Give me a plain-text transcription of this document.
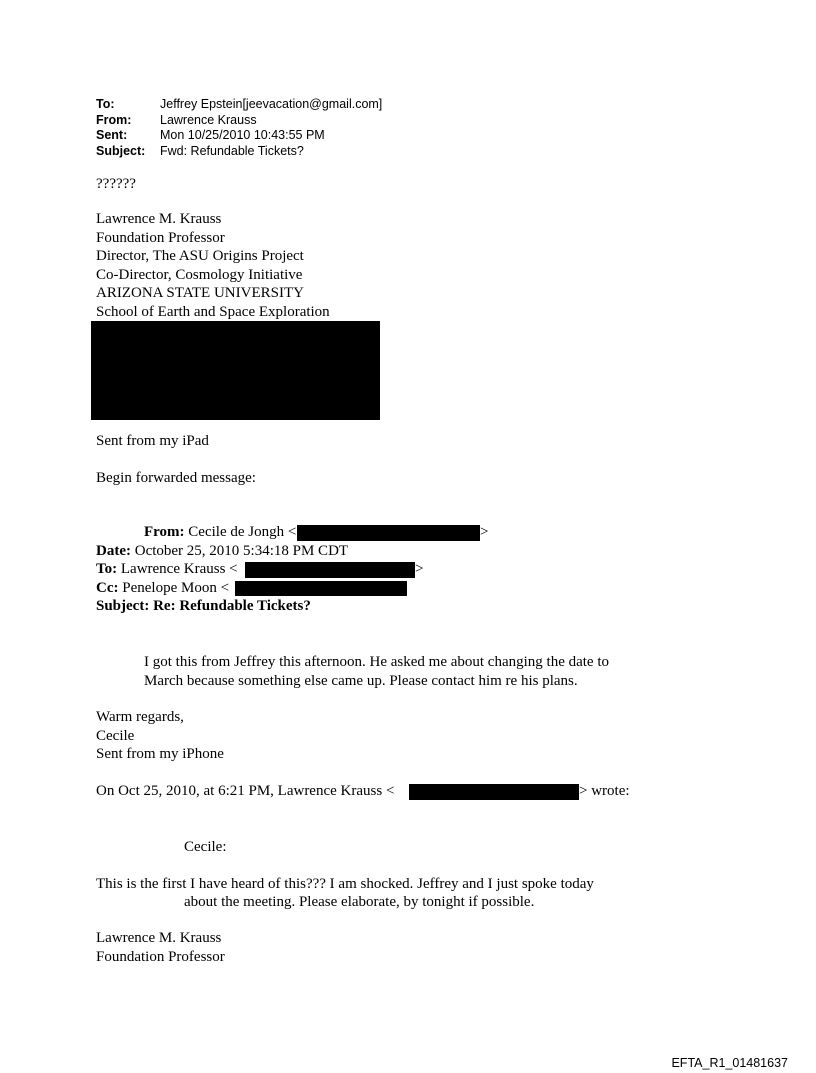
To:	Jeffrey Epstein[jeevacation@gmail.com]
From:	Lawrence Krauss
Sent:	Mon 10/25/2010 10:43:55 PM
Subject:	Fwd: Refundable Tickets?
??????
Lawrence M. Krauss
Foundation Professor
Director, The ASU Origins Project
Co-Director, Cosmology Initiative
ARIZONA STATE UNIVERSITY
School of Earth and Space Exploration
Sent from my iPad
Begin forwarded message:
From: Cecile de Jongh <	>
Date: October 25, 2010 5:34:18 PM CDT
To: Lawrence Krauss <	>
Cc: Penelope Moon <
Subject: Re: Refundable Tickets?
I got this from Jeffrey this afternoon. He asked me about changing the date to
March because something else came up. Please contact him re his plans.
Warm regards,
Cecile
Sent from my iPhone
On Oct 25, 2010, at 6:21 PM, Lawrence Krauss <	> wrote:
Cecile:
This is the first I have heard of this??? I am shocked. Jeffrey and I just spoke today
about the meeting. Please elaborate, by tonight if possible.
Lawrence M. Krauss
Foundation Professor
EFTA_R1_01481637
